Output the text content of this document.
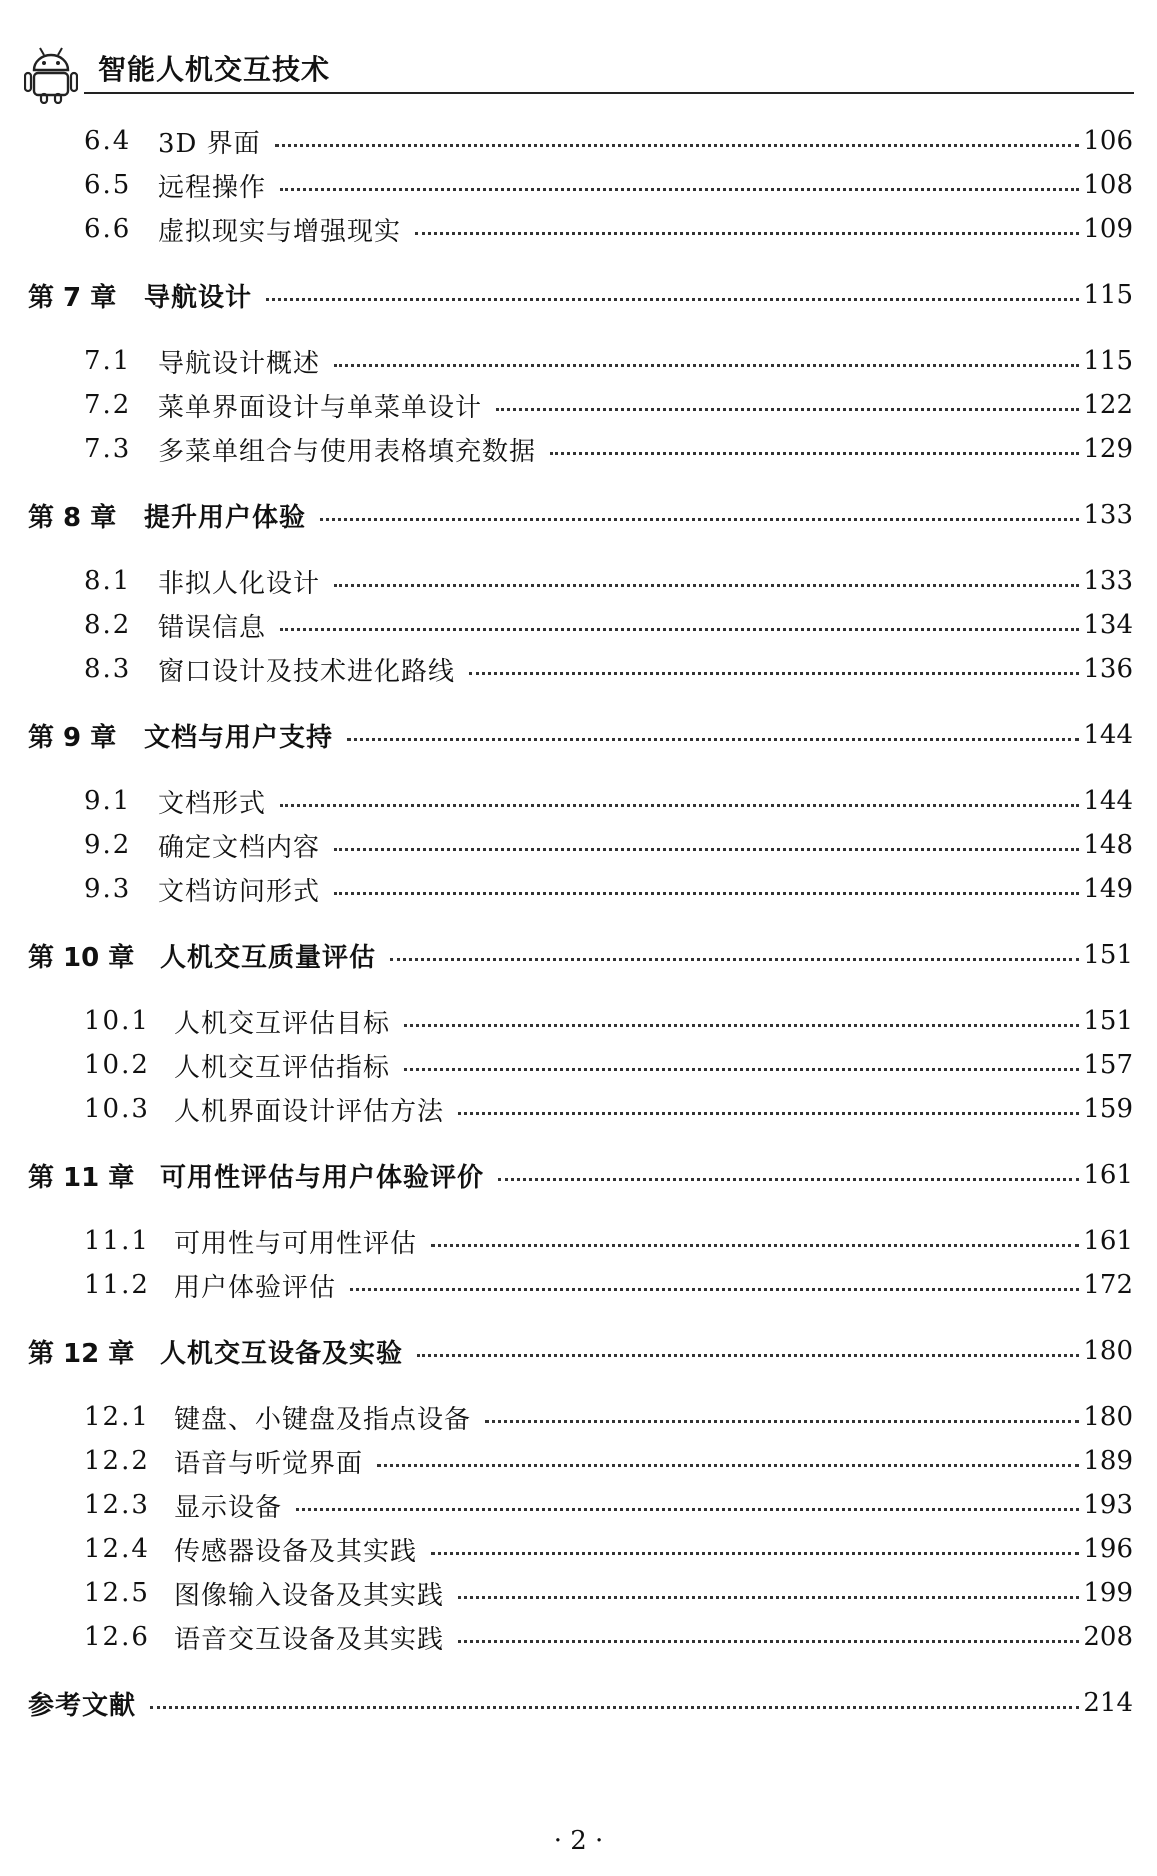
智能人机交互技术
6.4 3D 界面	106
6.5 远程操作	108
6.6 虚拟现实与增强现实	109
第 7 章 导航设计	115
7.1 导航设计概述	115
7.2 菜单界面设计与单菜单设计	122
7.3 多菜单组合与使用表格填充数据	129
第 8 章 提升用户体验	133
8.1 非拟人化设计	133
8.2 错误信息	134
8.3 窗口设计及技术进化路线	136
第 9 章 文档与用户支持	144
9.1 文档形式	144
9.2 确定文档内容	148
9.3 文档访问形式	149
第 10 章 人机交互质量评估	151
10.1 人机交互评估目标	151
10.2 人机交互评估指标	157
10.3 人机界面设计评估方法	159
第 11 章 可用性评估与用户体验评价	161
11.1 可用性与可用性评估	161
11.2 用户体验评估	172
第 12 章 人机交互设备及实验	180
12.1 键盘、小键盘及指点设备	180
12.2 语音与听觉界面	189
12.3 显示设备	193
12.4 传感器设备及其实践	196
12.5 图像输入设备及其实践	199
12.6 语音交互设备及其实践	208
参考文献	214
· 2 ·
